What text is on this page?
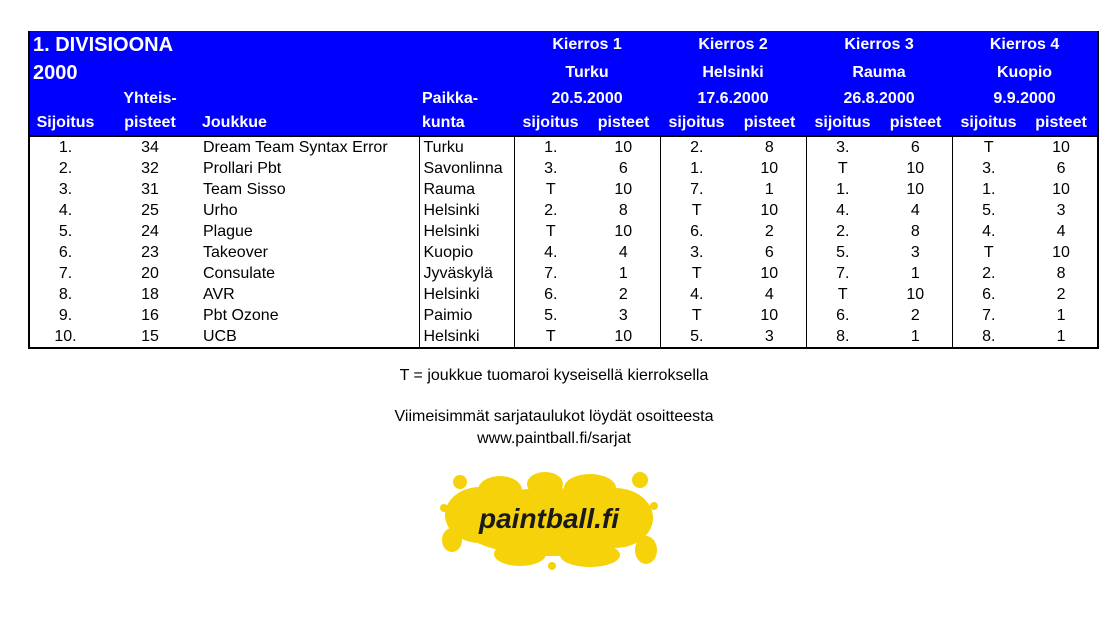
1. DIVISIOONA				Kierros 1		Kierros 2		Kierros 3		Kierros 4	
2000				Turku		Helsinki		Rauma		Kuopio	
	Yhteis-		Paikka-	20.5.2000		17.6.2000		26.8.2000		9.9.2000	
Sijoitus	pisteet	Joukkue	kunta	sijoitus	pisteet	sijoitus	pisteet	sijoitus	pisteet	sijoitus	pisteet
1.	34	Dream Team Syntax Error	Turku	1.	10	2.	8	3.	6	T	10
2.	32	Prollari Pbt	Savonlinna	3.	6	1.	10	T	10	3.	6
3.	31	Team Sisso	Rauma	T	10	7.	1	1.	10	1.	10
4.	25	Urho	Helsinki	2.	8	T	10	4.	4	5.	3
5.	24	Plague	Helsinki	T	10	6.	2	2.	8	4.	4
6.	23	Takeover	Kuopio	4.	4	3.	6	5.	3	T	10
7.	20	Consulate	Jyväskylä	7.	1	T	10	7.	1	2.	8
8.	18	AVR	Helsinki	6.	2	4.	4	T	10	6.	2
9.	16	Pbt Ozone	Paimio	5.	3	T	10	6.	2	7.	1
10.	15	UCB	Helsinki	T	10	5.	3	8.	1	8.	1
T = joukkue tuomaroi kyseisellä kierroksella
Viimeisimmät sarjataulukot löydät osoitteesta
www.paintball.fi/sarjat
paintball.fi
